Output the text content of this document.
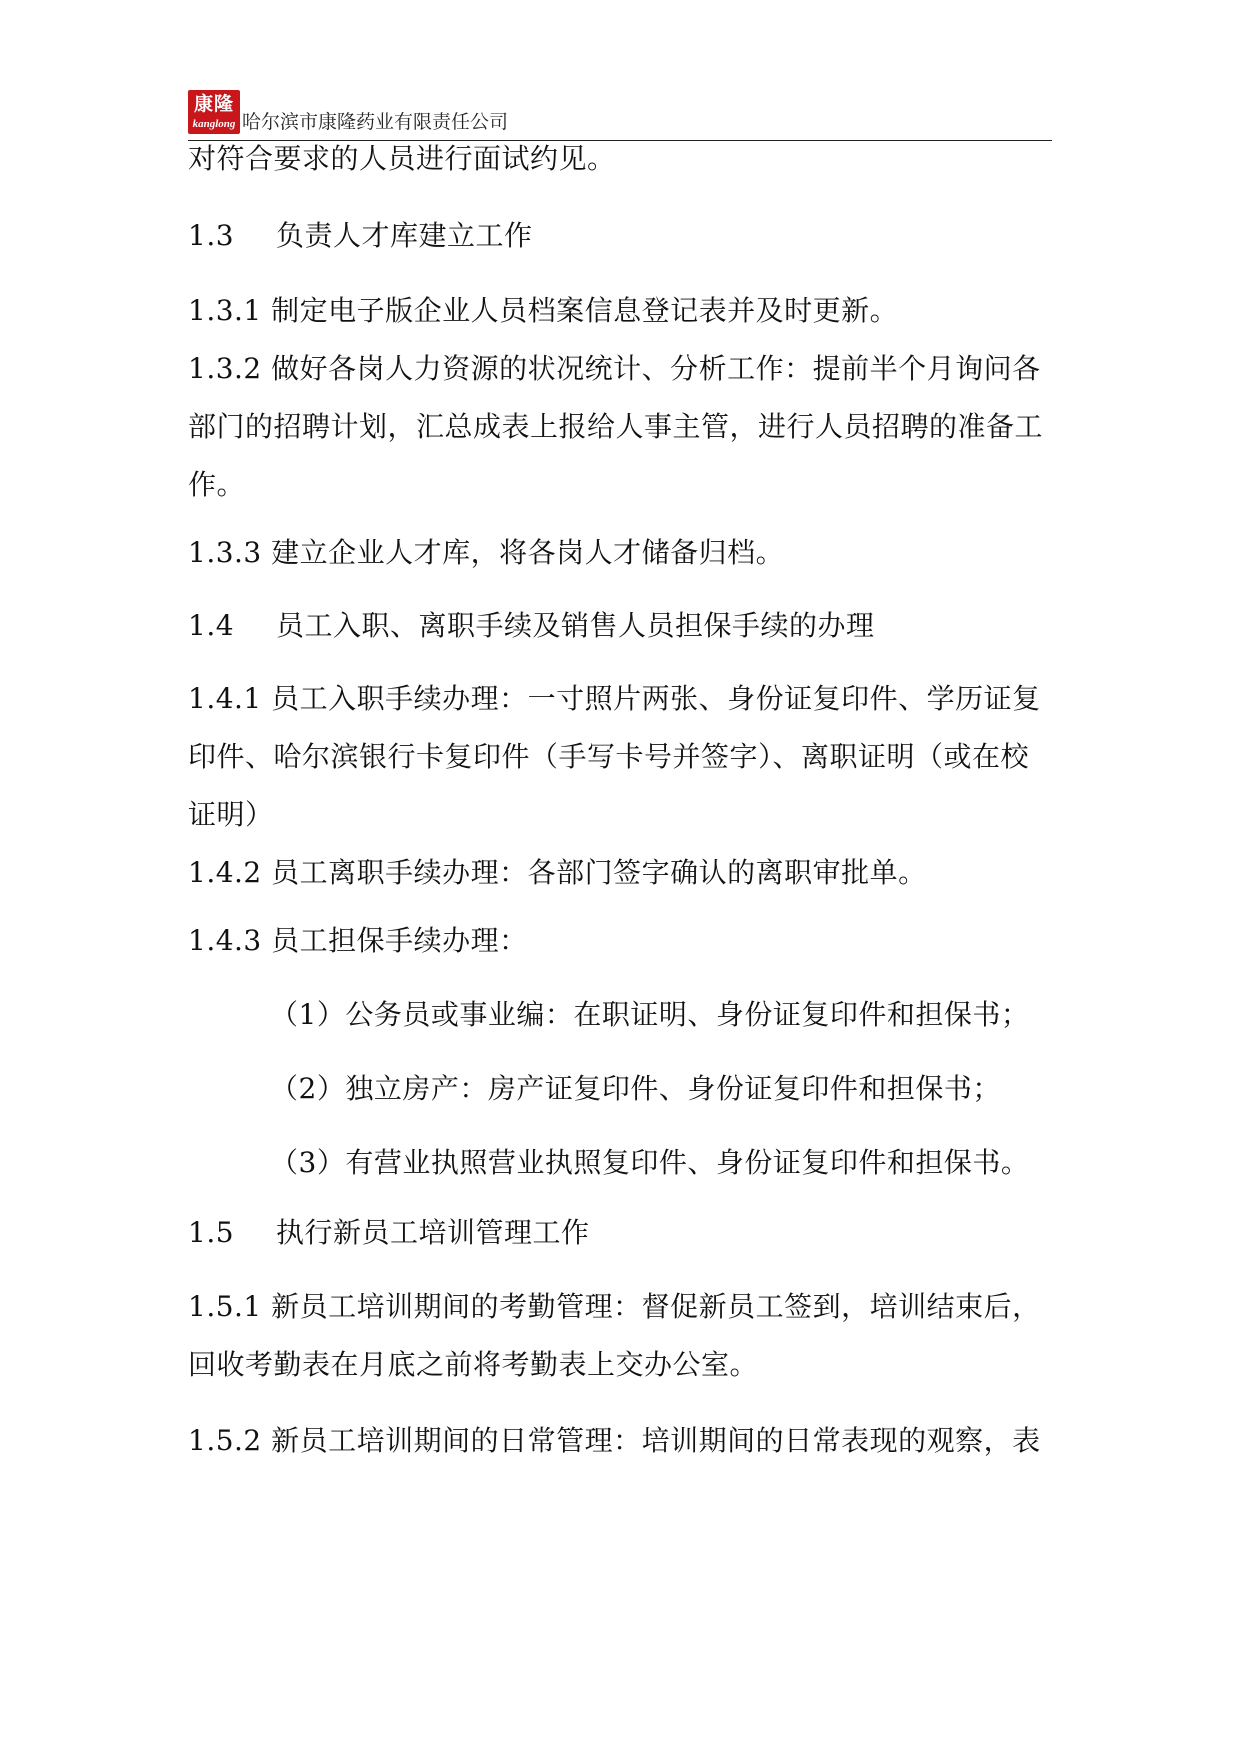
康隆
kanglong 哈尔滨市康隆药业有限责任公司
对符合要求的人员进行面试约见。
1.3 负责人才库建立工作
1.3.1 制定电子版企业人员档案信息登记表并及时更新。
1.3.2 做好各岗人力资源的状况统计、分析工作：提前半个月询问各
部门的招聘计划，汇总成表上报给人事主管，进行人员招聘的准备工
作。
1.3.3 建立企业人才库，将各岗人才储备归档。
1.4 员工入职、离职手续及销售人员担保手续的办理
1.4.1 员工入职手续办理：一寸照片两张、身份证复印件、学历证复
印件、哈尔滨银行卡复印件（手写卡号并签字）、离职证明（或在校
证明）
1.4.2 员工离职手续办理：各部门签字确认的离职审批单。
1.4.3 员工担保手续办理：
（1）公务员或事业编：在职证明、身份证复印件和担保书；
（2）独立房产：房产证复印件、身份证复印件和担保书；
（3）有营业执照营业执照复印件、身份证复印件和担保书。
1.5 执行新员工培训管理工作
1.5.1 新员工培训期间的考勤管理：督促新员工签到，培训结束后，
回收考勤表在月底之前将考勤表上交办公室。
1.5.2 新员工培训期间的日常管理：培训期间的日常表现的观察，表
